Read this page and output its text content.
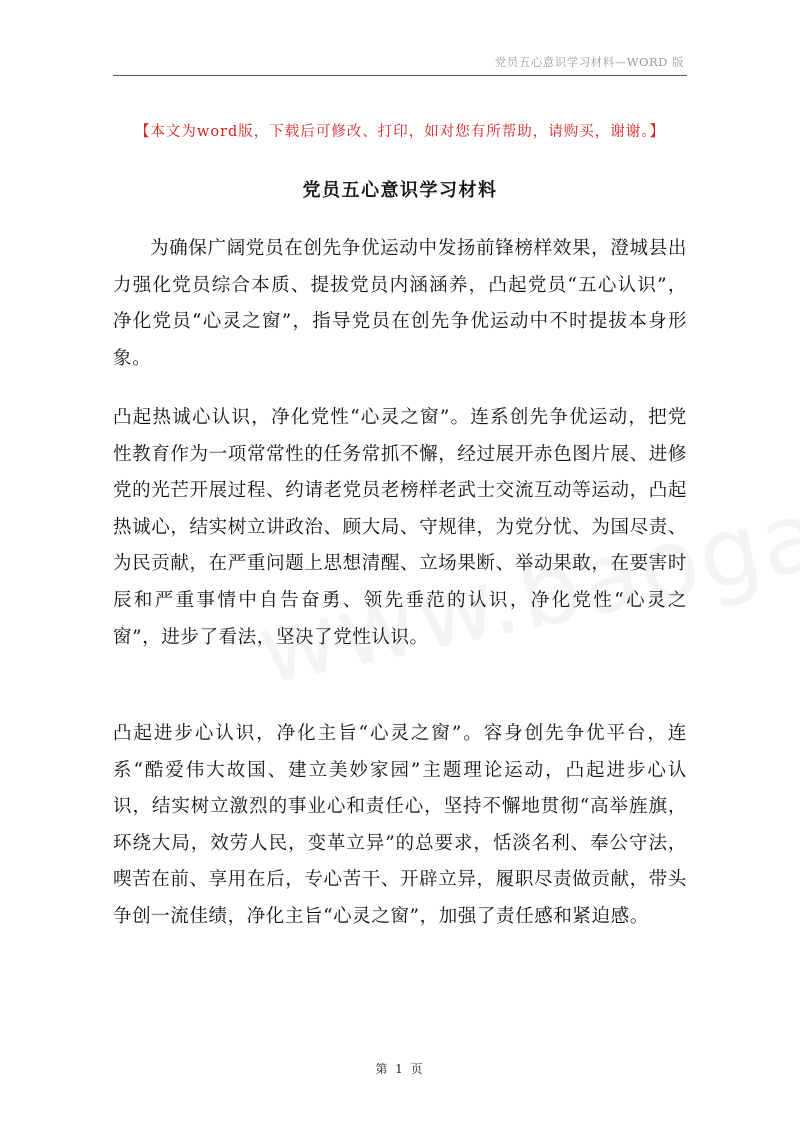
党员五心意识学习材料—WORD 版
【本文为word版，下载后可修改、打印，如对您有所帮助，请购买，谢谢。】
党员五心意识学习材料

为确保广阔党员在创先争优运动中发扬前锋榜样效果，澄城县出力强化党员综合本质、提拔党员内涵涵养，凸起党员“五心认识”，净化党员“心灵之窗”，指导党员在创先争优运动中不时提拔本身形象。

凸起热诚心认识，净化党性“心灵之窗”。连系创先争优运动，把党性教育作为一项常常性的任务常抓不懈，经过展开赤色图片展、进修党的光芒开展过程、约请老党员老榜样老武士交流互动等运动，凸起热诚心，结实树立讲政治、顾大局、守规律，为党分忧、为国尽责、为民贡献，在严重问题上思想清醒、立场果断、举动果敢，在要害时辰和严重事情中自告奋勇、领先垂范的认识，净化党性“心灵之窗”，进步了看法，坚决了党性认识。

凸起进步心认识，净化主旨“心灵之窗”。容身创先争优平台，连系“酷爱伟大故国、建立美妙家园”主题理论运动，凸起进步心认识，结实树立激烈的事业心和责任心，坚持不懈地贯彻“高举旌旗，环绕大局，效劳人民，变革立异”的总要求，恬淡名利、奉公守法，喫苦在前、享用在后，专心苦干、开辟立异，履职尽责做贡献，带头争创一流佳绩，净化主旨“心灵之窗”，加强了责任感和紧迫感。

第 1 页
